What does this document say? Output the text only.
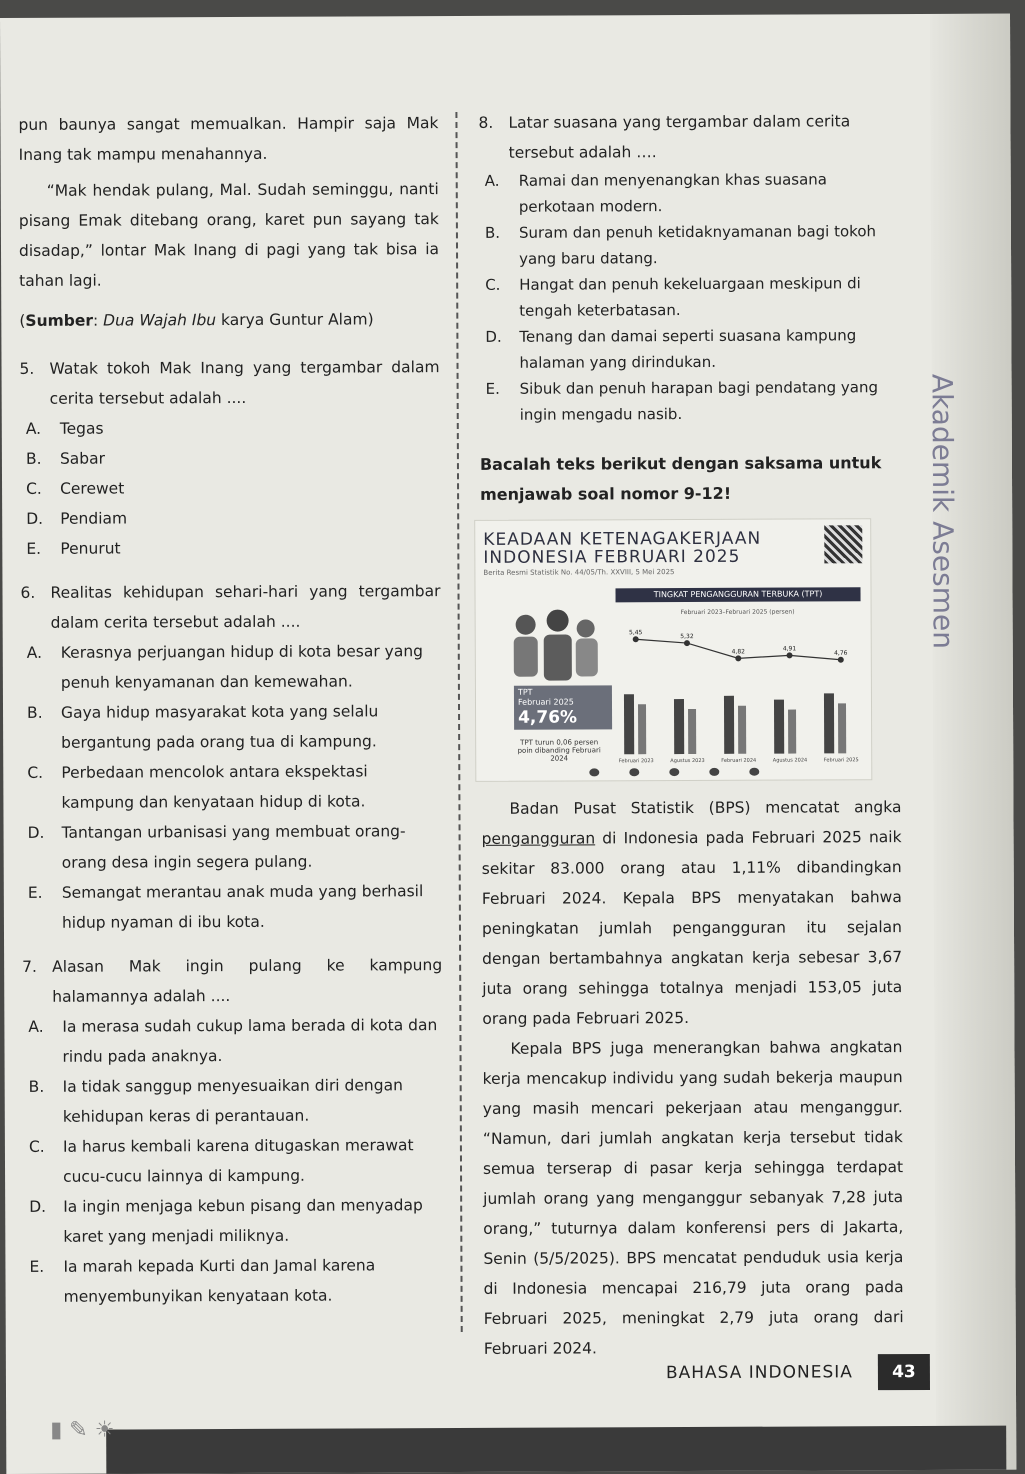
pun baunya sangat memualkan. Hampir saja Mak Inang tak mampu menahannya.

“Mak hendak pulang, Mal. Sudah seminggu, nanti pisang Emak ditebang orang, karet pun sayang tak disadap,” lontar Mak Inang di pagi yang tak bisa ia tahan lagi.

(Sumber: Dua Wajah Ibu karya Guntur Alam)

5. Watak tokoh Mak Inang yang tergambar dalam cerita tersebut adalah ....
A.	Tegas
B.	Sabar
C.	Cerewet
D.	Pendiam
E.	Penurut
6. Realitas kehidupan sehari-hari yang tergambar dalam cerita tersebut adalah ....
A.	Kerasnya perjuangan hidup di kota besar yang penuh kenyamanan dan kemewahan.
B.	Gaya hidup masyarakat kota yang selalu bergantung pada orang tua di kampung.
C.	Perbedaan mencolok antara ekspektasi kampung dan kenyataan hidup di kota.
D.	Tantangan urbanisasi yang membuat orang-orang desa ingin segera pulang.
E.	Semangat merantau anak muda yang berhasil hidup nyaman di ibu kota.
7. Alasan Mak ingin pulang ke kampung halamannya adalah ....
A.	Ia merasa sudah cukup lama berada di kota dan rindu pada anaknya.
B.	Ia tidak sanggup menyesuaikan diri dengan kehidupan keras di perantauan.
C.	Ia harus kembali karena ditugaskan merawat cucu-cucu lainnya di kampung.
D.	Ia ingin menjaga kebun pisang dan menyadap karet yang menjadi miliknya.
E.	Ia marah kepada Kurti dan Jamal karena menyembunyikan kenyataan kota.
8. Latar suasana yang tergambar dalam cerita tersebut adalah ….
A.	Ramai dan menyenangkan khas suasana perkotaan modern.
B.	Suram dan penuh ketidaknyamanan bagi tokoh yang baru datang.
C.	Hangat dan penuh kekeluargaan meskipun di tengah keterbatasan.
D.	Tenang dan damai seperti suasana kampung halaman yang dirindukan.
E.	Sibuk dan penuh harapan bagi pendatang yang ingin mengadu nasib.

Bacalah teks berikut dengan saksama untuk menjawab soal nomor 9-12!

KEADAAN KETENAGAKERJAAN
INDONESIA FEBRUARI 2025
Berita Resmi Statistik No. 44/05/Th. XXVIII, 5 Mei 2025
TINGKAT PENGANGGURAN TERBUKA (TPT)
TPT
Februari 2025
4,76%
TPT turun 0,06 persen poin dibanding Februari 2024
Februari 2023–Februari 2025 (persen)
5,45
5,32
4,82	4,91
4,76
Februari 2023	Agustus 2023	Februari 2024	Agustus 2024	Februari 2025

Badan Pusat Statistik (BPS) mencatat angka pengangguran di Indonesia pada Februari 2025 naik sekitar 83.000 orang atau 1,11% dibandingkan Februari 2024. Kepala BPS menyatakan bahwa peningkatan jumlah pengangguran itu sejalan dengan bertambahnya angkatan kerja sebesar 3,67 juta orang sehingga totalnya menjadi 153,05 juta orang pada Februari 2025.

Kepala BPS juga menerangkan bahwa angkatan kerja mencakup individu yang sudah bekerja maupun yang masih mencari pekerjaan atau menganggur. “Namun, dari jumlah angkatan kerja tersebut tidak semua terserap di pasar kerja sehingga terdapat jumlah orang yang menganggur sebanyak 7,28 juta orang,” tuturnya dalam konferensi pers di Jakarta, Senin (5/5/2025). BPS mencatat penduduk usia kerja di Indonesia mencapai 216,79 juta orang pada Februari 2025, meningkat 2,79 juta orang dari Februari 2024.

BAHASA INDONESIA	43
▮ ✎ ☀
Akademik Asesmen
